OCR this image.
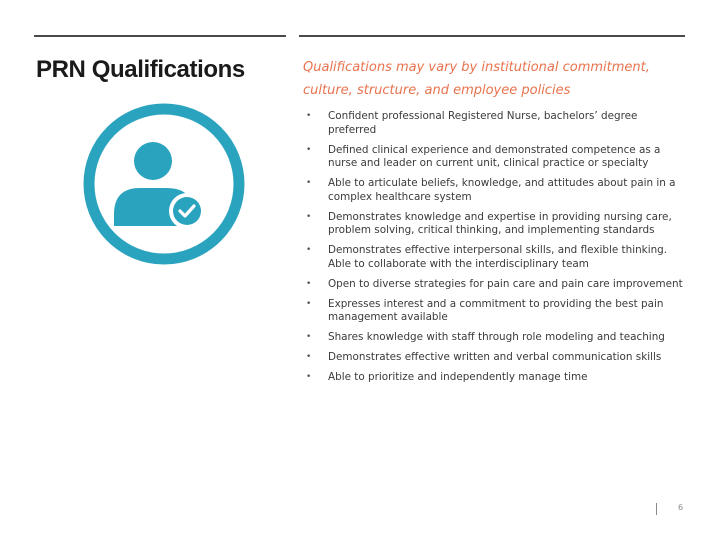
PRN Qualifications	Qualifications may vary by institutional commitment, culture, structure, and employee policies
• Confident professional Registered Nurse, bachelors’ degree preferred
• Defined clinical experience and demonstrated competence as a nurse and leader on current unit, clinical practice or specialty
• Able to articulate beliefs, knowledge, and attitudes about pain in a complex healthcare system
• Demonstrates knowledge and expertise in providing nursing care, problem solving, critical thinking, and implementing standards
• Demonstrates effective interpersonal skills, and flexible thinking. Able to collaborate with the interdisciplinary team
• Open to diverse strategies for pain care and pain care improvement
• Expresses interest and a commitment to providing the best pain management available
• Shares knowledge with staff through role modeling and teaching
• Demonstrates effective written and verbal communication skills
• Able to prioritize and independently manage time
6
